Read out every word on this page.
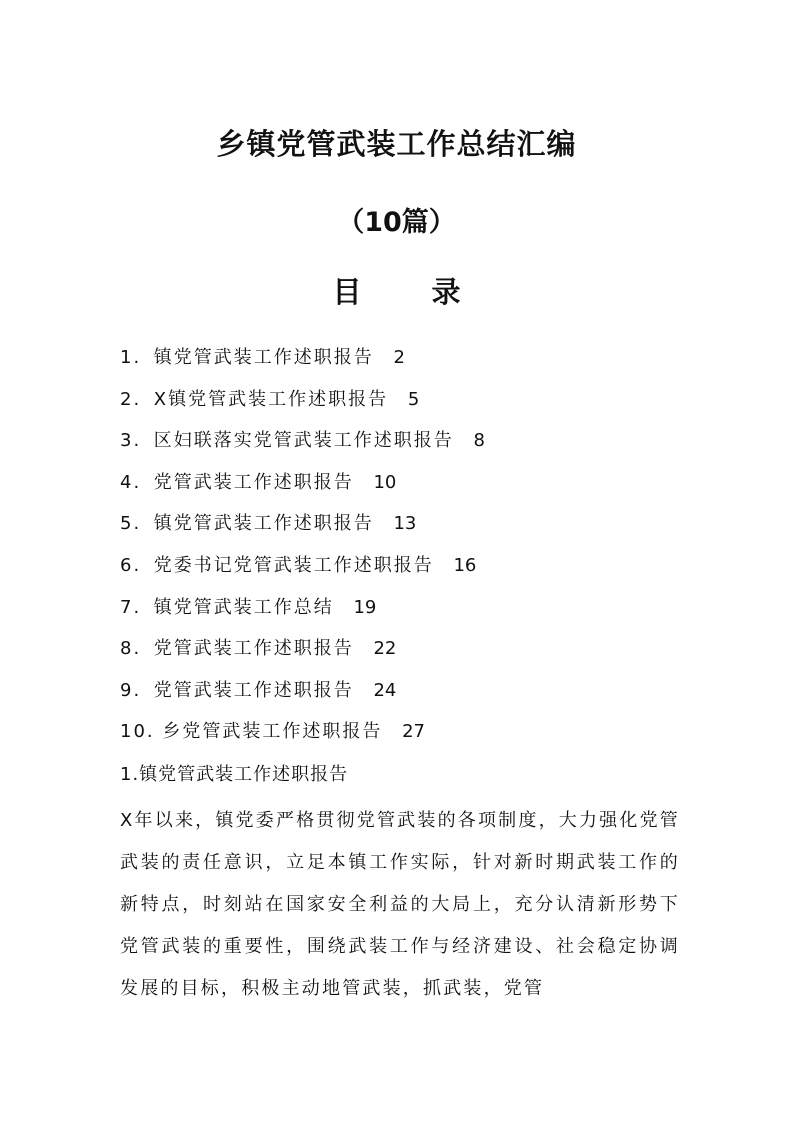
乡镇党管武装工作总结汇编
（10篇）
目 录
1. 镇党管武装工作述职报告 2
2. X镇党管武装工作述职报告 5
3. 区妇联落实党管武装工作述职报告 8
4. 党管武装工作述职报告 10
5. 镇党管武装工作述职报告 13
6. 党委书记党管武装工作述职报告 16
7. 镇党管武装工作总结 19
8. 党管武装工作述职报告 22
9. 党管武装工作述职报告 24
10. 乡党管武装工作述职报告 27
1.镇党管武装工作述职报告

X年以来，镇党委严格贯彻党管武装的各项制度，大力强化党管武装的责任意识，立足本镇工作实际，针对新时期武装工作的新特点，时刻站在国家安全利益的大局上，充分认清新形势下党管武装的重要性，围绕武装工作与经济建设、社会稳定协调发展的目标，积极主动地管武装，抓武装，党管
